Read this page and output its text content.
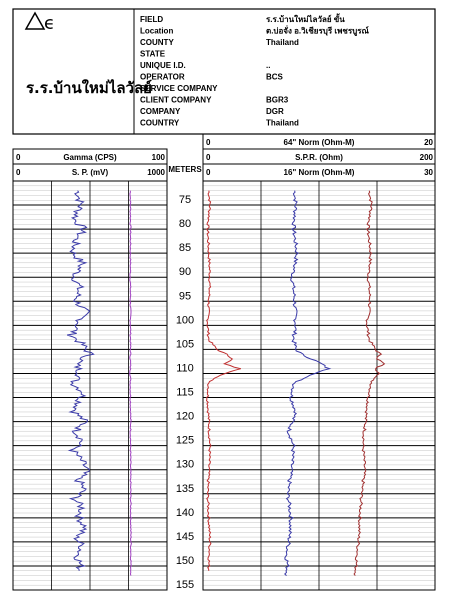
ϵ	FIELD	ร.ร.บ้านใหม่ไลวัลย์ ขั้น
Location	ต.บ่อจั่ง อ.วิเชียรบุรี เพชรบูรณ์
COUNTY	Thailand
STATE
UNIQUE I.D.	..
OPERATOR	BCS
SERVICE COMPANY
CLIENT COMPANY	BGR3
COMPANY	DGR
COUNTRY	Thailand
ร.ร.บ้านใหม่ไลวัลย์
0	Gamma (CPS)	100
0	S. P. (mV)	1000
0	64" Norm (Ohm-M)	20
0	S.P.R. (Ohm)	200
0	16" Norm (Ohm-M)	30
METERS
75
80
85
90
95
100
105
110
115
120
125
130
135
140
145
150
155
